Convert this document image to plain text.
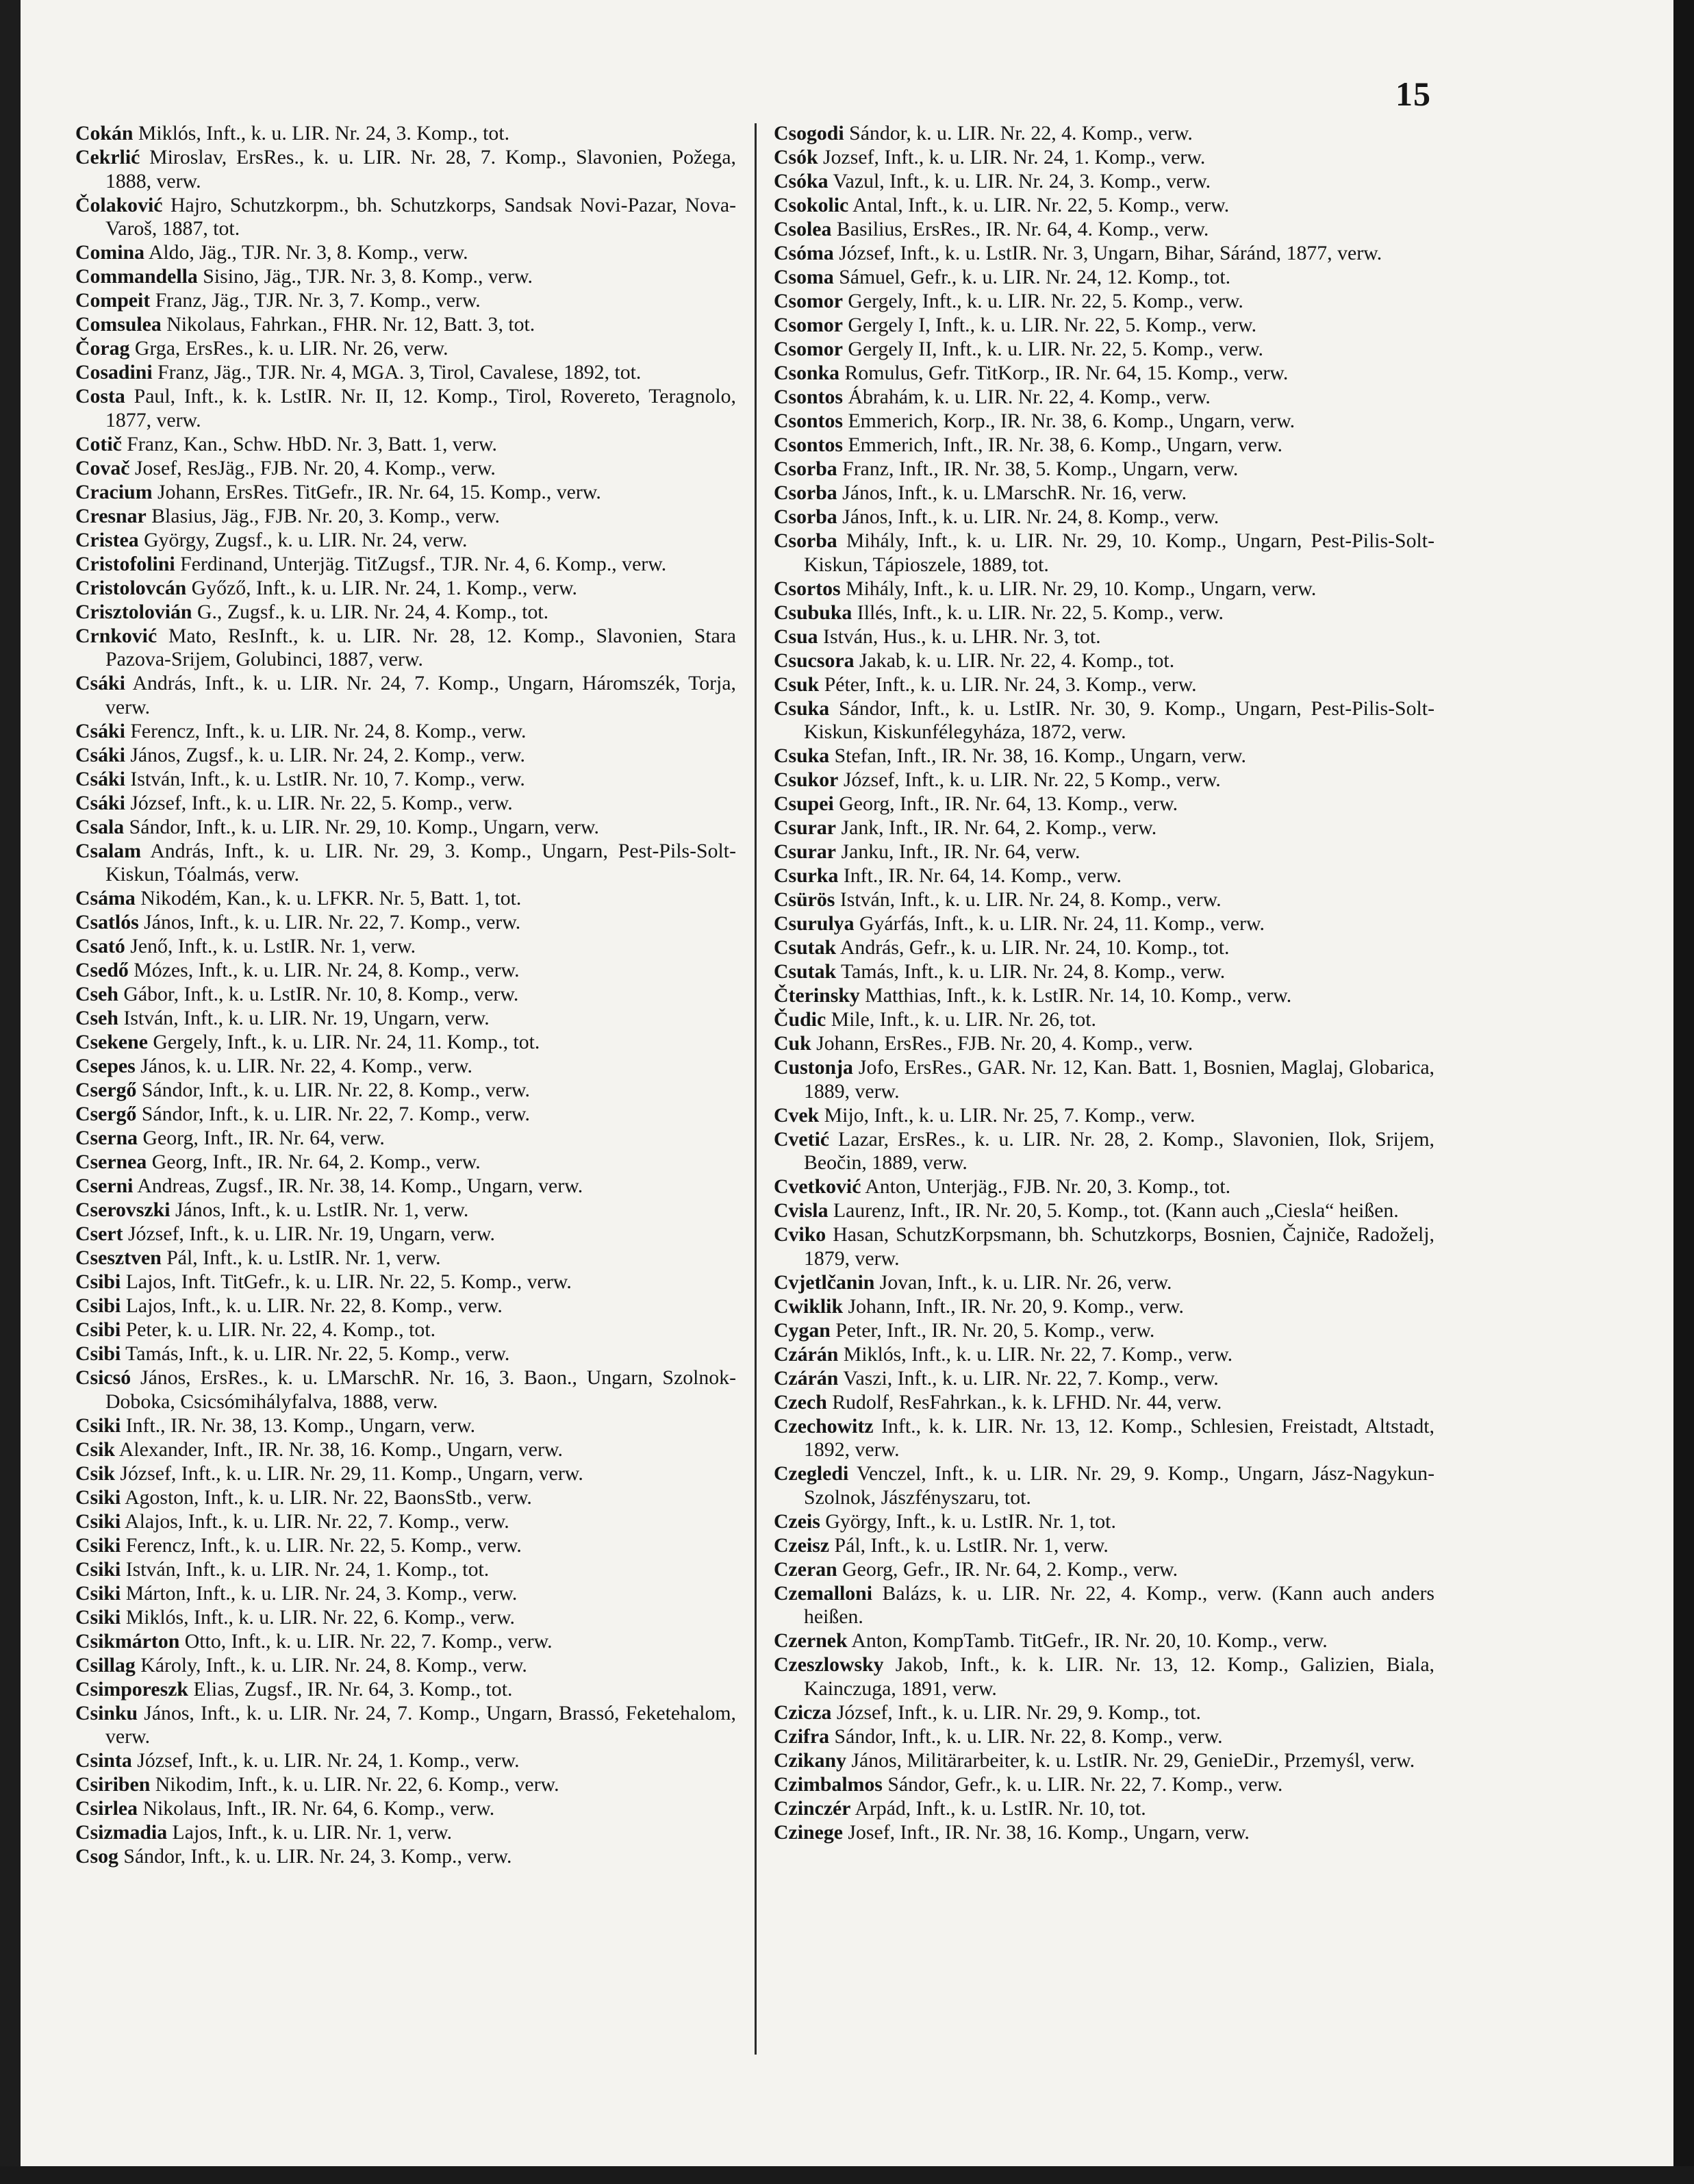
15

Cokán Miklós, Inft., k. u. LIR. Nr. 24, 3. Komp., tot.

Cekrlić Miroslav, ErsRes., k. u. LIR. Nr. 28, 7. Komp., Slavonien, Požega, 1888, verw.

Čolaković Hajro, Schutzkorpm., bh. Schutzkorps, Sandsak Novi-Pazar, Nova-Varoš, 1887, tot.

Comina Aldo, Jäg., TJR. Nr. 3, 8. Komp., verw.

Commandella Sisino, Jäg., TJR. Nr. 3, 8. Komp., verw.

Compeit Franz, Jäg., TJR. Nr. 3, 7. Komp., verw.

Comsulea Nikolaus, Fahrkan., FHR. Nr. 12, Batt. 3, tot.

Čorag Grga, ErsRes., k. u. LIR. Nr. 26, verw.

Cosadini Franz, Jäg., TJR. Nr. 4, MGA. 3, Tirol, Cavalese, 1892, tot.

Costa Paul, Inft., k. k. LstIR. Nr. II, 12. Komp., Tirol, Rovereto, Teragnolo, 1877, verw.

Cotič Franz, Kan., Schw. HbD. Nr. 3, Batt. 1, verw.

Covač Josef, ResJäg., FJB. Nr. 20, 4. Komp., verw.

Cracium Johann, ErsRes. TitGefr., IR. Nr. 64, 15. Komp., verw.

Cresnar Blasius, Jäg., FJB. Nr. 20, 3. Komp., verw.

Cristea György, Zugsf., k. u. LIR. Nr. 24, verw.

Cristofolini Ferdinand, Unterjäg. TitZugsf., TJR. Nr. 4, 6. Komp., verw.

Cristolovcán Győző, Inft., k. u. LIR. Nr. 24, 1. Komp., verw.

Crisztolovián G., Zugsf., k. u. LIR. Nr. 24, 4. Komp., tot.

Crnković Mato, ResInft., k. u. LIR. Nr. 28, 12. Komp., Slavonien, Stara Pazova-Srijem, Golubinci, 1887, verw.

Csáki András, Inft., k. u. LIR. Nr. 24, 7. Komp., Ungarn, Háromszék, Torja, verw.

Csáki Ferencz, Inft., k. u. LIR. Nr. 24, 8. Komp., verw.

Csáki János, Zugsf., k. u. LIR. Nr. 24, 2. Komp., verw.

Csáki István, Inft., k. u. LstIR. Nr. 10, 7. Komp., verw.

Csáki József, Inft., k. u. LIR. Nr. 22, 5. Komp., verw.

Csala Sándor, Inft., k. u. LIR. Nr. 29, 10. Komp., Ungarn, verw.

Csalam András, Inft., k. u. LIR. Nr. 29, 3. Komp., Ungarn, Pest-Pils-Solt-Kiskun, Tóalmás, verw.

Csáma Nikodém, Kan., k. u. LFKR. Nr. 5, Batt. 1, tot.

Csatlós János, Inft., k. u. LIR. Nr. 22, 7. Komp., verw.

Csató Jenő, Inft., k. u. LstIR. Nr. 1, verw.

Csedő Mózes, Inft., k. u. LIR. Nr. 24, 8. Komp., verw.

Cseh Gábor, Inft., k. u. LstIR. Nr. 10, 8. Komp., verw.

Cseh István, Inft., k. u. LIR. Nr. 19, Ungarn, verw.

Csekene Gergely, Inft., k. u. LIR. Nr. 24, 11. Komp., tot.

Csepes János, k. u. LIR. Nr. 22, 4. Komp., verw.

Csergő Sándor, Inft., k. u. LIR. Nr. 22, 8. Komp., verw.

Csergő Sándor, Inft., k. u. LIR. Nr. 22, 7. Komp., verw.

Cserna Georg, Inft., IR. Nr. 64, verw.

Csernea Georg, Inft., IR. Nr. 64, 2. Komp., verw.

Cserni Andreas, Zugsf., IR. Nr. 38, 14. Komp., Ungarn, verw.

Cserovszki János, Inft., k. u. LstIR. Nr. 1, verw.

Csert József, Inft., k. u. LIR. Nr. 19, Ungarn, verw.

Csesztven Pál, Inft., k. u. LstIR. Nr. 1, verw.

Csibi Lajos, Inft. TitGefr., k. u. LIR. Nr. 22, 5. Komp., verw.

Csibi Lajos, Inft., k. u. LIR. Nr. 22, 8. Komp., verw.

Csibi Peter, k. u. LIR. Nr. 22, 4. Komp., tot.

Csibi Tamás, Inft., k. u. LIR. Nr. 22, 5. Komp., verw.

Csicsó János, ErsRes., k. u. LMarschR. Nr. 16, 3. Baon., Ungarn, Szolnok-Doboka, Csicsómihályfalva, 1888, verw.

Csiki Inft., IR. Nr. 38, 13. Komp., Ungarn, verw.

Csik Alexander, Inft., IR. Nr. 38, 16. Komp., Ungarn, verw.

Csik József, Inft., k. u. LIR. Nr. 29, 11. Komp., Ungarn, verw.

Csiki Agoston, Inft., k. u. LIR. Nr. 22, BaonsStb., verw.

Csiki Alajos, Inft., k. u. LIR. Nr. 22, 7. Komp., verw.

Csiki Ferencz, Inft., k. u. LIR. Nr. 22, 5. Komp., verw.

Csiki István, Inft., k. u. LIR. Nr. 24, 1. Komp., tot.

Csiki Márton, Inft., k. u. LIR. Nr. 24, 3. Komp., verw.

Csiki Miklós, Inft., k. u. LIR. Nr. 22, 6. Komp., verw.

Csikmárton Otto, Inft., k. u. LIR. Nr. 22, 7. Komp., verw.

Csillag Károly, Inft., k. u. LIR. Nr. 24, 8. Komp., verw.

Csimporeszk Elias, Zugsf., IR. Nr. 64, 3. Komp., tot.

Csinku János, Inft., k. u. LIR. Nr. 24, 7. Komp., Ungarn, Brassó, Feketehalom, verw.

Csinta József, Inft., k. u. LIR. Nr. 24, 1. Komp., verw.

Csiriben Nikodim, Inft., k. u. LIR. Nr. 22, 6. Komp., verw.

Csirlea Nikolaus, Inft., IR. Nr. 64, 6. Komp., verw.

Csizmadia Lajos, Inft., k. u. LIR. Nr. 1, verw.

Csog Sándor, Inft., k. u. LIR. Nr. 24, 3. Komp., verw.

Csogodi Sándor, k. u. LIR. Nr. 22, 4. Komp., verw.

Csók Jozsef, Inft., k. u. LIR. Nr. 24, 1. Komp., verw.

Csóka Vazul, Inft., k. u. LIR. Nr. 24, 3. Komp., verw.

Csokolic Antal, Inft., k. u. LIR. Nr. 22, 5. Komp., verw.

Csolea Basilius, ErsRes., IR. Nr. 64, 4. Komp., verw.

Csóma József, Inft., k. u. LstIR. Nr. 3, Ungarn, Bihar, Sáránd, 1877, verw.

Csoma Sámuel, Gefr., k. u. LIR. Nr. 24, 12. Komp., tot.

Csomor Gergely, Inft., k. u. LIR. Nr. 22, 5. Komp., verw.

Csomor Gergely I, Inft., k. u. LIR. Nr. 22, 5. Komp., verw.

Csomor Gergely II, Inft., k. u. LIR. Nr. 22, 5. Komp., verw.

Csonka Romulus, Gefr. TitKorp., IR. Nr. 64, 15. Komp., verw.

Csontos Ábrahám, k. u. LIR. Nr. 22, 4. Komp., verw.

Csontos Emmerich, Korp., IR. Nr. 38, 6. Komp., Ungarn, verw.

Csontos Emmerich, Inft., IR. Nr. 38, 6. Komp., Ungarn, verw.

Csorba Franz, Inft., IR. Nr. 38, 5. Komp., Ungarn, verw.

Csorba János, Inft., k. u. LMarschR. Nr. 16, verw.

Csorba János, Inft., k. u. LIR. Nr. 24, 8. Komp., verw.

Csorba Mihály, Inft., k. u. LIR. Nr. 29, 10. Komp., Ungarn, Pest-Pilis-Solt-Kiskun, Tápioszele, 1889, tot.

Csortos Mihály, Inft., k. u. LIR. Nr. 29, 10. Komp., Ungarn, verw.

Csubuka Illés, Inft., k. u. LIR. Nr. 22, 5. Komp., verw.

Csua István, Hus., k. u. LHR. Nr. 3, tot.

Csucsora Jakab, k. u. LIR. Nr. 22, 4. Komp., tot.

Csuk Péter, Inft., k. u. LIR. Nr. 24, 3. Komp., verw.

Csuka Sándor, Inft., k. u. LstIR. Nr. 30, 9. Komp., Ungarn, Pest-Pilis-Solt-Kiskun, Kiskunfélegyháza, 1872, verw.

Csuka Stefan, Inft., IR. Nr. 38, 16. Komp., Ungarn, verw.

Csukor József, Inft., k. u. LIR. Nr. 22, 5 Komp., verw.

Csupei Georg, Inft., IR. Nr. 64, 13. Komp., verw.

Csurar Jank, Inft., IR. Nr. 64, 2. Komp., verw.

Csurar Janku, Inft., IR. Nr. 64, verw.

Csurka Inft., IR. Nr. 64, 14. Komp., verw.

Csürös István, Inft., k. u. LIR. Nr. 24, 8. Komp., verw.

Csurulya Gyárfás, Inft., k. u. LIR. Nr. 24, 11. Komp., verw.

Csutak András, Gefr., k. u. LIR. Nr. 24, 10. Komp., tot.

Csutak Tamás, Inft., k. u. LIR. Nr. 24, 8. Komp., verw.

Čterinsky Matthias, Inft., k. k. LstIR. Nr. 14, 10. Komp., verw.

Čudic Mile, Inft., k. u. LIR. Nr. 26, tot.

Cuk Johann, ErsRes., FJB. Nr. 20, 4. Komp., verw.

Custonja Jofo, ErsRes., GAR. Nr. 12, Kan. Batt. 1, Bosnien, Maglaj, Globarica, 1889, verw.

Cvek Mijo, Inft., k. u. LIR. Nr. 25, 7. Komp., verw.

Cvetić Lazar, ErsRes., k. u. LIR. Nr. 28, 2. Komp., Slavonien, Ilok, Srijem, Beočin, 1889, verw.

Cvetković Anton, Unterjäg., FJB. Nr. 20, 3. Komp., tot.

Cvisla Laurenz, Inft., IR. Nr. 20, 5. Komp., tot. (Kann auch „Ciesla“ heißen.

Cviko Hasan, SchutzKorpsmann, bh. Schutzkorps, Bosnien, Čajniče, Radoželj, 1879, verw.

Cvjetlčanin Jovan, Inft., k. u. LIR. Nr. 26, verw.

Cwiklik Johann, Inft., IR. Nr. 20, 9. Komp., verw.

Cygan Peter, Inft., IR. Nr. 20, 5. Komp., verw.

Czárán Miklós, Inft., k. u. LIR. Nr. 22, 7. Komp., verw.

Czárán Vaszi, Inft., k. u. LIR. Nr. 22, 7. Komp., verw.

Czech Rudolf, ResFahrkan., k. k. LFHD. Nr. 44, verw.

Czechowitz Inft., k. k. LIR. Nr. 13, 12. Komp., Schlesien, Freistadt, Altstadt, 1892, verw.

Czegledi Venczel, Inft., k. u. LIR. Nr. 29, 9. Komp., Ungarn, Jász-Nagykun-Szolnok, Jászfényszaru, tot.

Czeis György, Inft., k. u. LstIR. Nr. 1, tot.

Czeisz Pál, Inft., k. u. LstIR. Nr. 1, verw.

Czeran Georg, Gefr., IR. Nr. 64, 2. Komp., verw.

Czemalloni Balázs, k. u. LIR. Nr. 22, 4. Komp., verw. (Kann auch anders heißen.

Czernek Anton, KompTamb. TitGefr., IR. Nr. 20, 10. Komp., verw.

Czeszlowsky Jakob, Inft., k. k. LIR. Nr. 13, 12. Komp., Galizien, Biala, Kainczuga, 1891, verw.

Czicza József, Inft., k. u. LIR. Nr. 29, 9. Komp., tot.

Czifra Sándor, Inft., k. u. LIR. Nr. 22, 8. Komp., verw.

Czikany János, Militärarbeiter, k. u. LstIR. Nr. 29, GenieDir., Przemyśl, verw.

Czimbalmos Sándor, Gefr., k. u. LIR. Nr. 22, 7. Komp., verw.

Czinczér Arpád, Inft., k. u. LstIR. Nr. 10, tot.

Czinege Josef, Inft., IR. Nr. 38, 16. Komp., Ungarn, verw.
